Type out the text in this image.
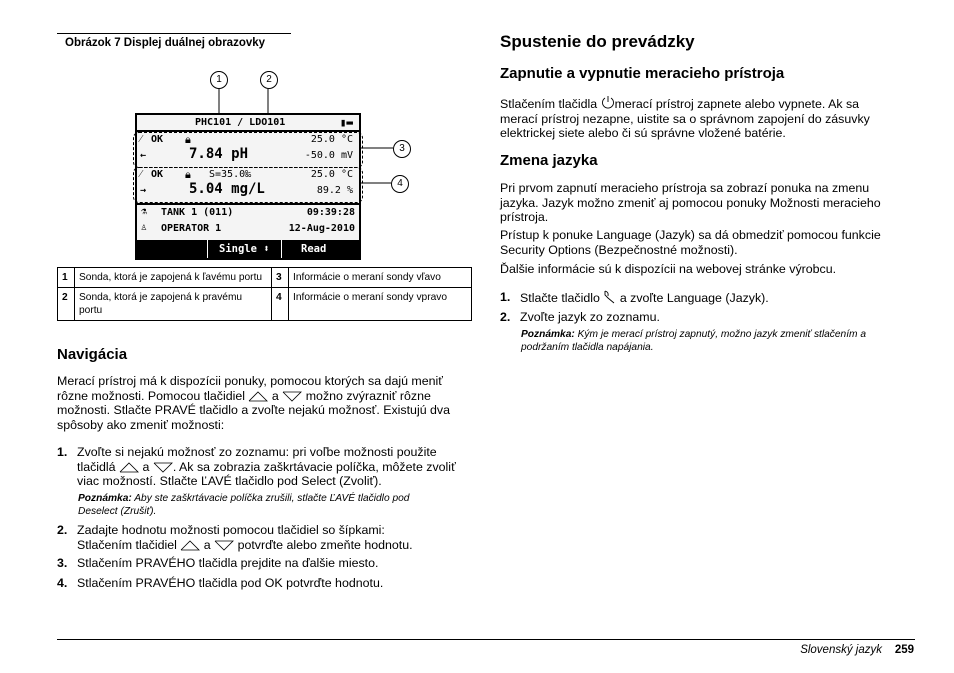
Obrázok 7 Displej duálnej obrazovky
1	2
3
4
PHC101 / LDO101	▮▬
⁄ OK 🔒︎	25.0 °C
←	7.84 pH	-50.0 mV
⁄ OK 🔒︎ S=35.0‰	25.0 °C
→	5.04 mg/L	89.2 %
⚗ TANK 1 (011)	09:39:28
♙ OPERATOR 1	12-Aug-2010
Single ⬍	Read
1	Sonda, ktorá je zapojená k ľavému portu	3	Informácie o meraní sondy vľavo
2	Sonda, ktorá je zapojená k pravému portu	4	Informácie o meraní sondy vpravo
Navigácia
Merací prístroj má k dispozícii ponuky, pomocou ktorých sa dajú meniť
rôzne možnosti. Pomocou tlačidiel a možno zvýrazniť rôzne
možnosti. Stlačte PRAVÉ tlačidlo a zvoľte nejakú možnosť. Existujú dva
spôsoby ako zmeniť možnosti:
1. Zvoľte si nejakú možnosť zo zoznamu: pri voľbe možnosti použite
tlačidlá a . Ak sa zobrazia zaškrtávacie políčka, môžete zvoliť
viac možností. Stlačte ĽAVÉ tlačidlo pod Select (Zvoliť).
Poznámka: Aby ste zaškrtávacie políčka zrušili, stlačte ĽAVÉ tlačidlo pod
Deselect (Zrušiť).
2. Zadajte hodnotu možnosti pomocou tlačidiel so šípkami:
Stlačením tlačidiel a potvrďte alebo zmeňte hodnotu.
3. Stlačením PRAVÉHO tlačidla prejdite na ďalšie miesto.
4. Stlačením PRAVÉHO tlačidla pod OK potvrďte hodnotu.
Spustenie do prevádzky
Zapnutie a vypnutie meracieho prístroja
Stlačením tlačidla merací prístroj zapnete alebo vypnete. Ak sa
merací prístroj nezapne, uistite sa o správnom zapojení do zásuvky
elektrickej siete alebo či sú správne vložené batérie.
Zmena jazyka
Pri prvom zapnutí meracieho prístroja sa zobrazí ponuka na zmenu
jazyka. Jazyk možno zmeniť aj pomocou ponuky Možnosti meracieho
prístroja.
Prístup k ponuke Language (Jazyk) sa dá obmedziť pomocou funkcie
Security Options (Bezpečnostné možnosti).
Ďalšie informácie sú k dispozícii na webovej stránke výrobcu.
1. Stlačte tlačidlo a zvoľte Language (Jazyk).
2. Zvoľte jazyk zo zoznamu.
Poznámka: Kým je merací prístroj zapnutý, možno jazyk zmeniť stlačením a
podržaním tlačidla napájania.
Slovenský jazyk 259
